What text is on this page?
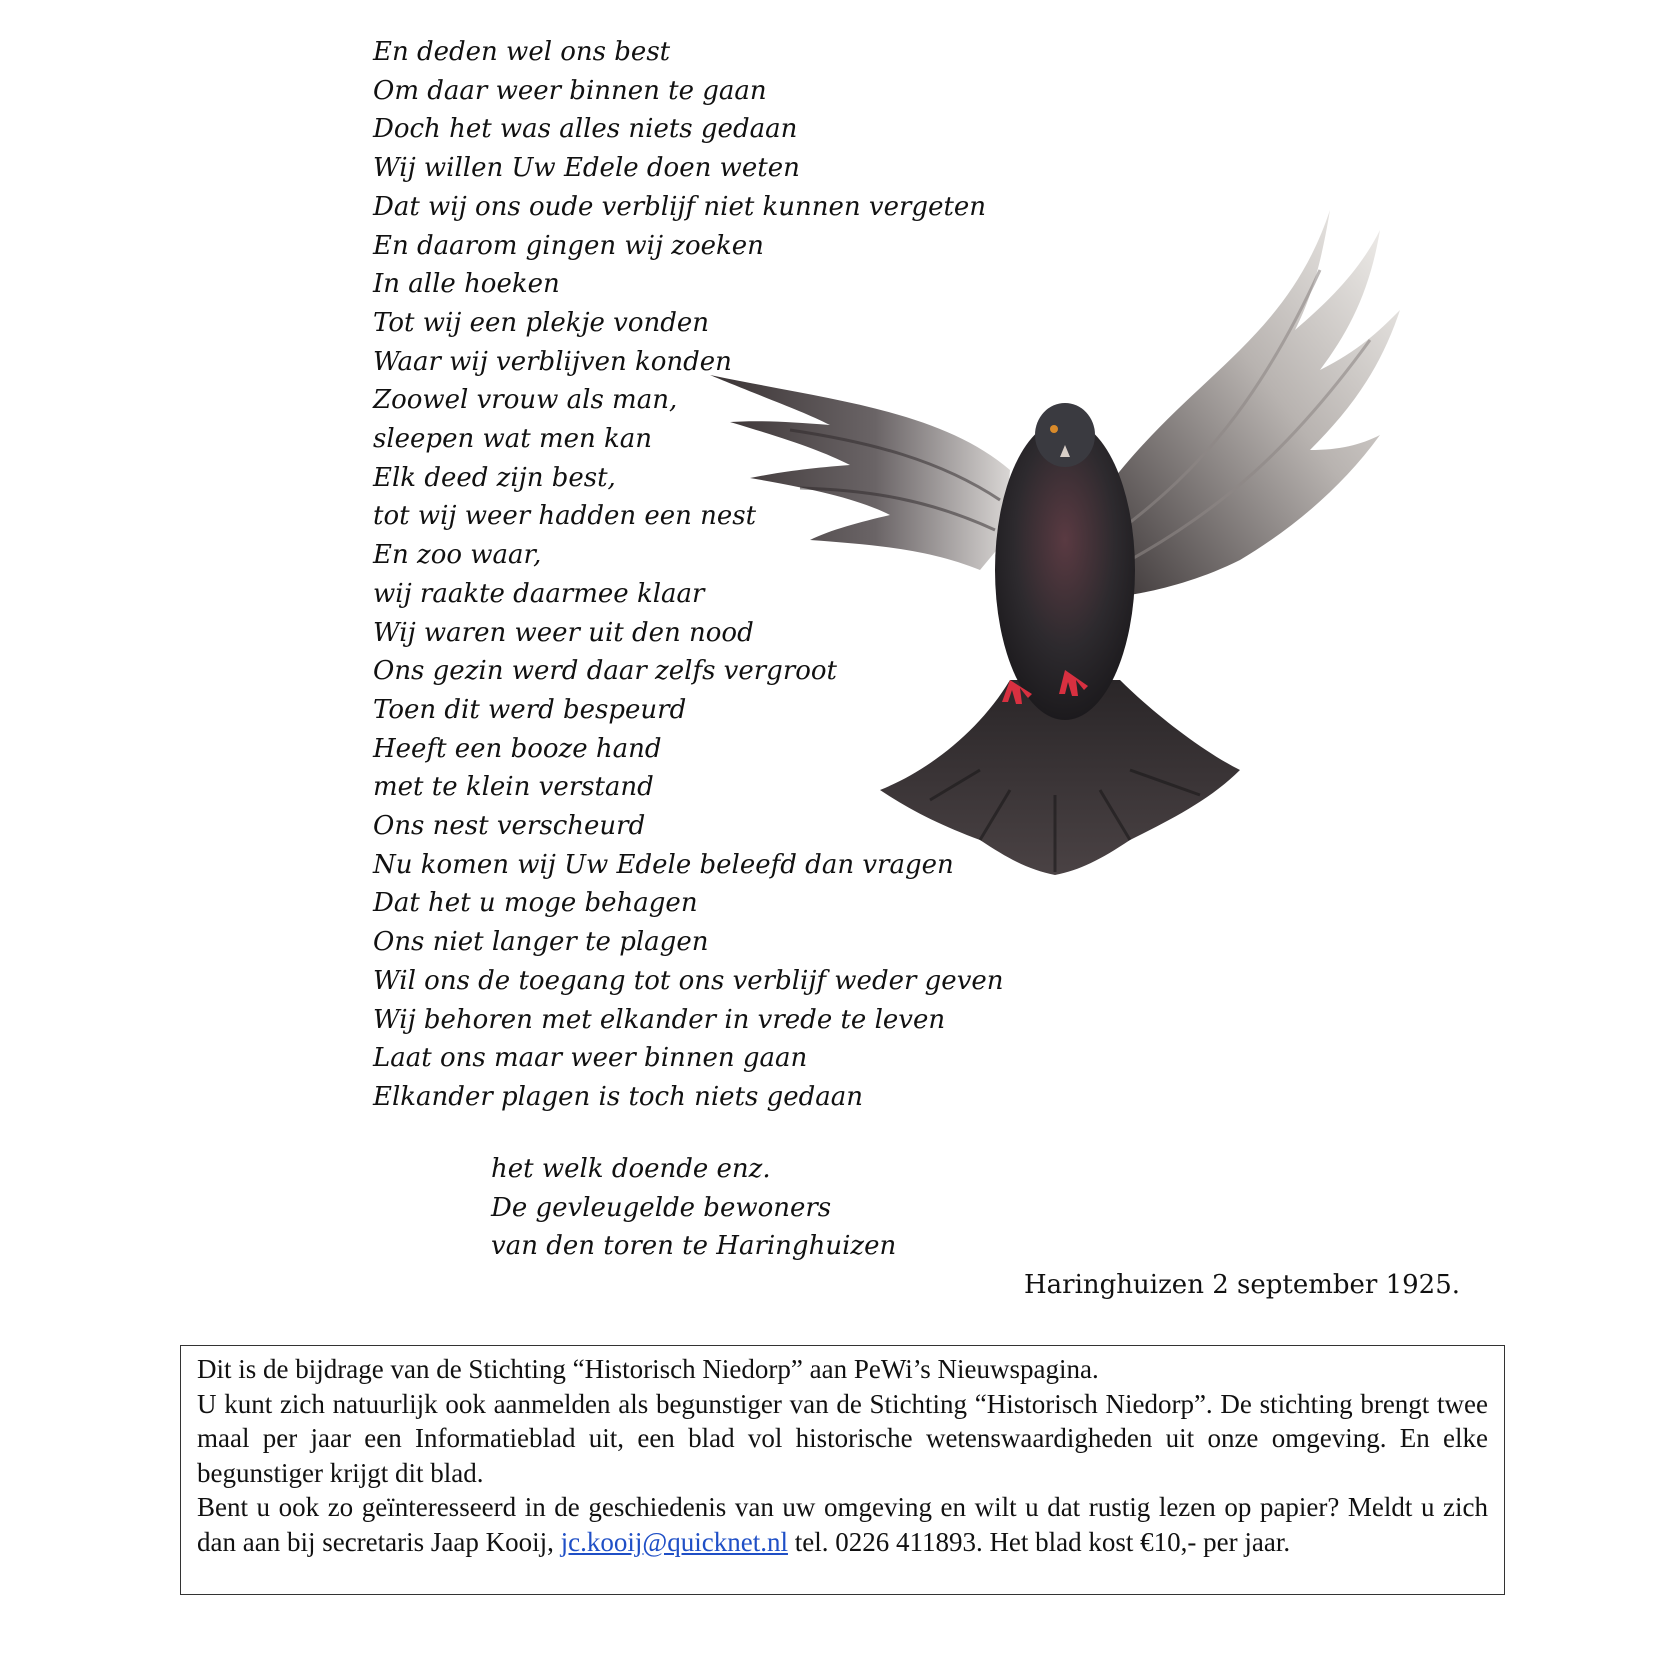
En deden wel ons best
Om daar weer binnen te gaan
Doch het was alles niets gedaan
Wij willen Uw Edele doen weten
Dat wij ons oude verblijf niet kunnen vergeten
En daarom gingen wij zoeken
In alle hoeken
Tot wij een plekje vonden
Waar wij verblijven konden
Zoowel vrouw als man,
sleepen wat men kan
Elk deed zijn best,
tot wij weer hadden een nest
En zoo waar,
wij raakte daarmee klaar
Wij waren weer uit den nood
Ons gezin werd daar zelfs vergroot
Toen dit werd bespeurd
Heeft een booze hand
met te klein verstand
Ons nest verscheurd
Nu komen wij Uw Edele beleefd dan vragen
Dat het u moge behagen
Ons niet langer te plagen
Wil ons de toegang tot ons verblijf weder geven
Wij behoren met elkander in vrede te leven
Laat ons maar weer binnen gaan
Elkander plagen is toch niets gedaan
het welk doende enz.
De gevleugelde bewoners
van den toren te Haringhuizen
Haringhuizen 2 september 1925.

Dit is de bijdrage van de Stichting “Historisch Niedorp” aan PeWi’s Nieuwspagina.

U kunt zich natuurlijk ook aanmelden als begunstiger van de Stichting “Historisch Niedorp”. De stichting brengt twee maal per jaar een Informatieblad uit, een blad vol historische wetenswaardigheden uit onze omgeving. En elke begunstiger krijgt dit blad.

Bent u ook zo geïnteresseerd in de geschiedenis van uw omgeving en wilt u dat rustig lezen op papier? Meldt u zich dan aan bij secretaris Jaap Kooij, jc.kooij@quicknet.nl tel. 0226 411893. Het blad kost €10,- per jaar.
